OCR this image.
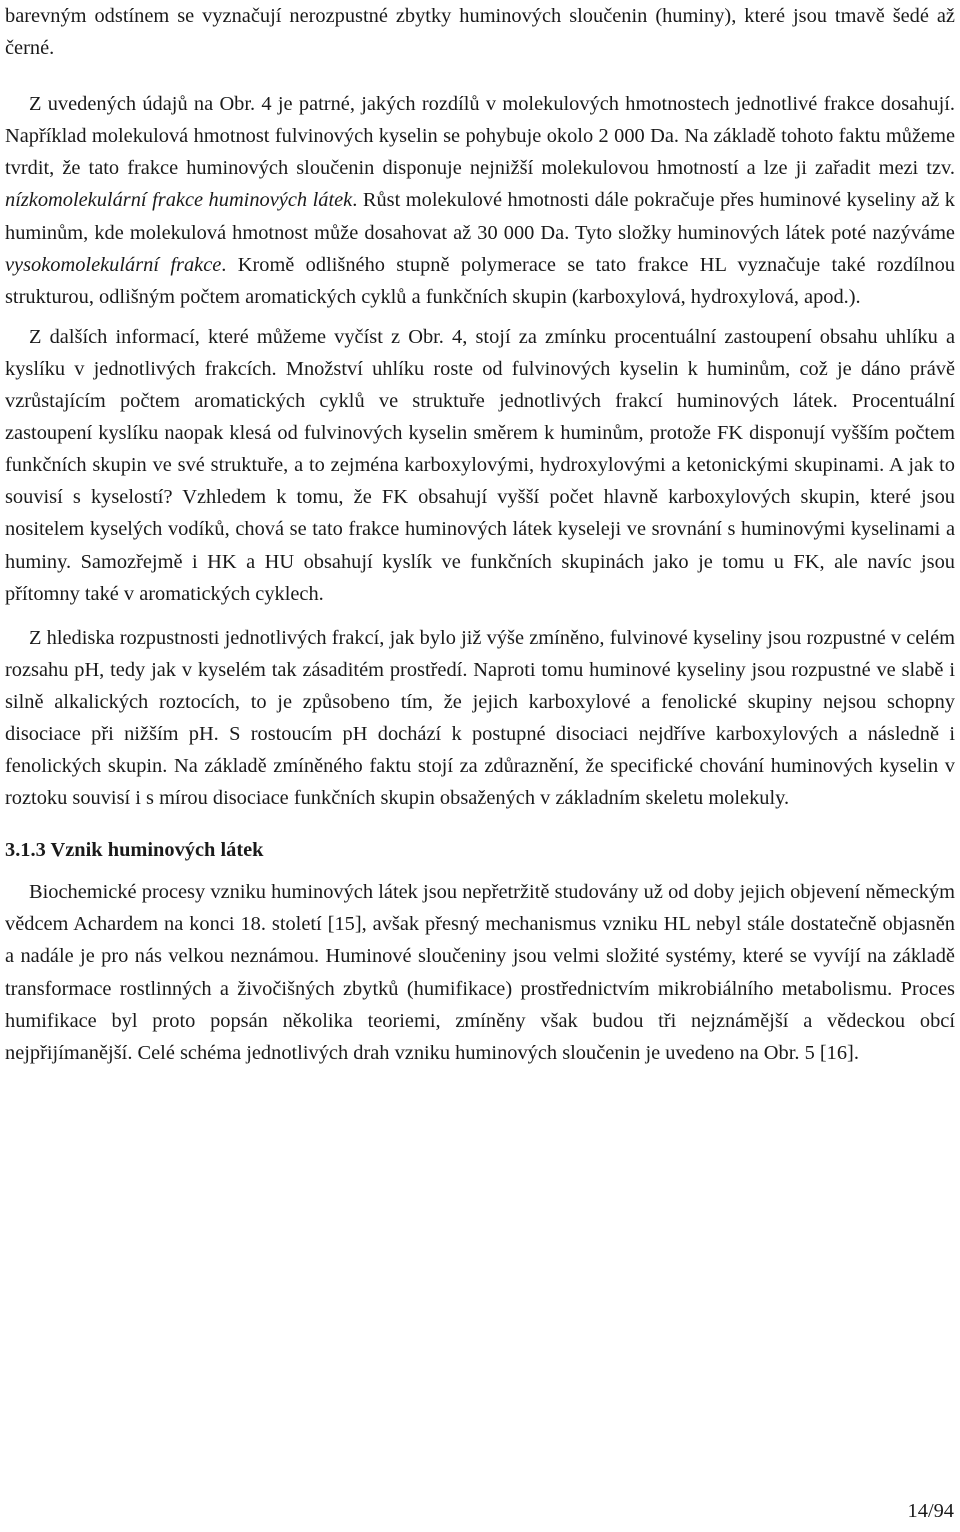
barevným odstínem se vyznačují nerozpustné zbytky huminových sloučenin (huminy), které jsou tmavě šedé až černé.

Z uvedených údajů na Obr. 4 je patrné, jakých rozdílů v molekulových hmotnostech jednotlivé frakce dosahují. Například molekulová hmotnost fulvinových kyselin se pohybuje okolo 2 000 Da. Na základě tohoto faktu můžeme tvrdit, že tato frakce huminových sloučenin disponuje nejnižší molekulovou hmotností a lze ji zařadit mezi tzv. nízkomolekulární frakce huminových látek. Růst molekulové hmotnosti dále pokračuje přes huminové kyseliny až k huminům, kde molekulová hmotnost může dosahovat až 30 000 Da. Tyto složky huminových látek poté nazýváme vysokomolekulární frakce. Kromě odlišného stupně polymerace se tato frakce HL vyznačuje také rozdílnou strukturou, odlišným počtem aromatických cyklů a funkčních skupin (karboxylová, hydroxylová, apod.).

Z dalších informací, které můžeme vyčíst z Obr. 4, stojí za zmínku procentuální zastoupení obsahu uhlíku a kyslíku v jednotlivých frakcích. Množství uhlíku roste od fulvinových kyselin k huminům, což je dáno právě vzrůstajícím počtem aromatických cyklů ve struktuře jednotlivých frakcí huminových látek. Procentuální zastoupení kyslíku naopak klesá od fulvinových kyselin směrem k huminům, protože FK disponují vyšším počtem funkčních skupin ve své struktuře, a to zejména karboxylovými, hydroxylovými a ketonickými skupinami. A jak to souvisí s kyselostí? Vzhledem k tomu, že FK obsahují vyšší počet hlavně karboxylových skupin, které jsou nositelem kyselých vodíků, chová se tato frakce huminových látek kyseleji ve srovnání s huminovými kyselinami a huminy. Samozřejmě i HK a HU obsahují kyslík ve funkčních skupinách jako je tomu u FK, ale navíc jsou přítomny také v aromatických cyklech.

Z hlediska rozpustnosti jednotlivých frakcí, jak bylo již výše zmíněno, fulvinové kyseliny jsou rozpustné v celém rozsahu pH, tedy jak v kyselém tak zásaditém prostředí. Naproti tomu huminové kyseliny jsou rozpustné ve slabě i silně alkalických roztocích, to je způsobeno tím, že jejich karboxylové a fenolické skupiny nejsou schopny disociace při nižším pH. S rostoucím pH dochází k postupné disociaci nejdříve karboxylových a následně i fenolických skupin. Na základě zmíněného faktu stojí za zdůraznění, že specifické chování huminových kyselin v roztoku souvisí i s mírou disociace funkčních skupin obsažených v základním skeletu molekuly.

3.1.3 Vznik huminových látek

Biochemické procesy vzniku huminových látek jsou nepřetržitě studovány už od doby jejich objevení německým vědcem Achardem na konci 18. století [15], avšak přesný mechanismus vzniku HL nebyl stále dostatečně objasněn a nadále je pro nás velkou neznámou. Huminové sloučeniny jsou velmi složité systémy, které se vyvíjí na základě transformace rostlinných a živočišných zbytků (humifikace) prostřednictvím mikrobiálního metabolismu. Proces humifikace byl proto popsán několika teoriemi, zmíněny však budou tři nejznámější a vědeckou obcí nejpřijímanější. Celé schéma jednotlivých drah vzniku huminových sloučenin je uvedeno na Obr. 5 [16].

14/94
